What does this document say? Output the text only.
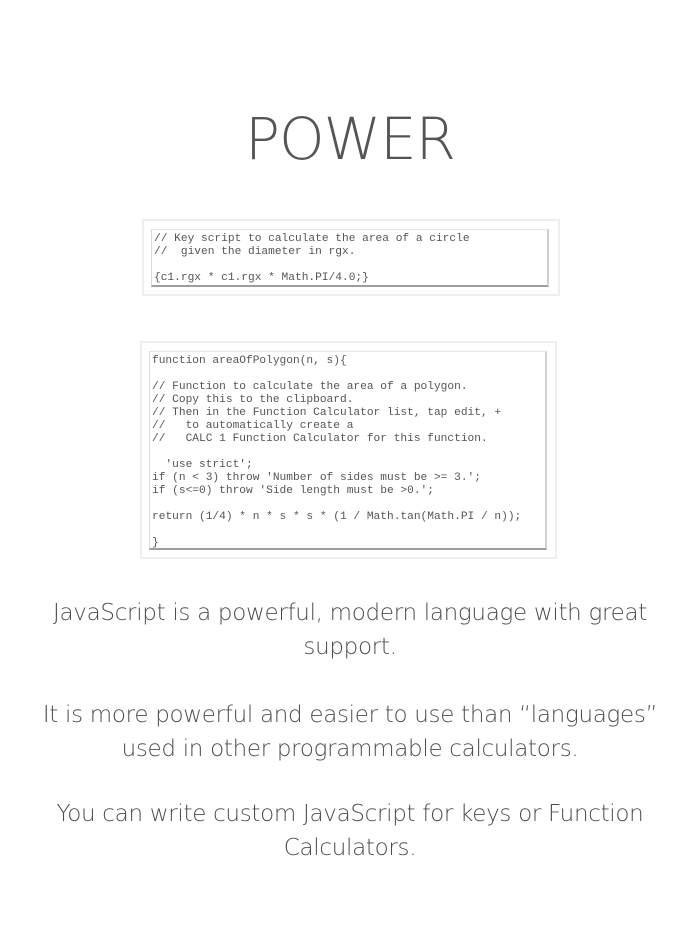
POWER
// Key script to calculate the area of a circle
//  given the diameter in rgx.
{c1.rgx * c1.rgx * Math.PI/4.0;}
function areaOfPolygon(n, s){
// Function to calculate the area of a polygon.
// Copy this to the clipboard.
// Then in the Function Calculator list, tap edit, +
//   to automatically create a
//   CALC 1 Function Calculator for this function.
'use strict';
if (n < 3) throw 'Number of sides must be >= 3.';
if (s<=0) throw 'Side length must be >0.';
return (1/4) * n * s * s * (1 / Math.tan(Math.PI / n));
}
JavaScript is a powerful, modern language with great support.
It is more powerful and easier to use than “languages” used in other programmable calculators.
You can write custom JavaScript for keys or Function Calculators.
